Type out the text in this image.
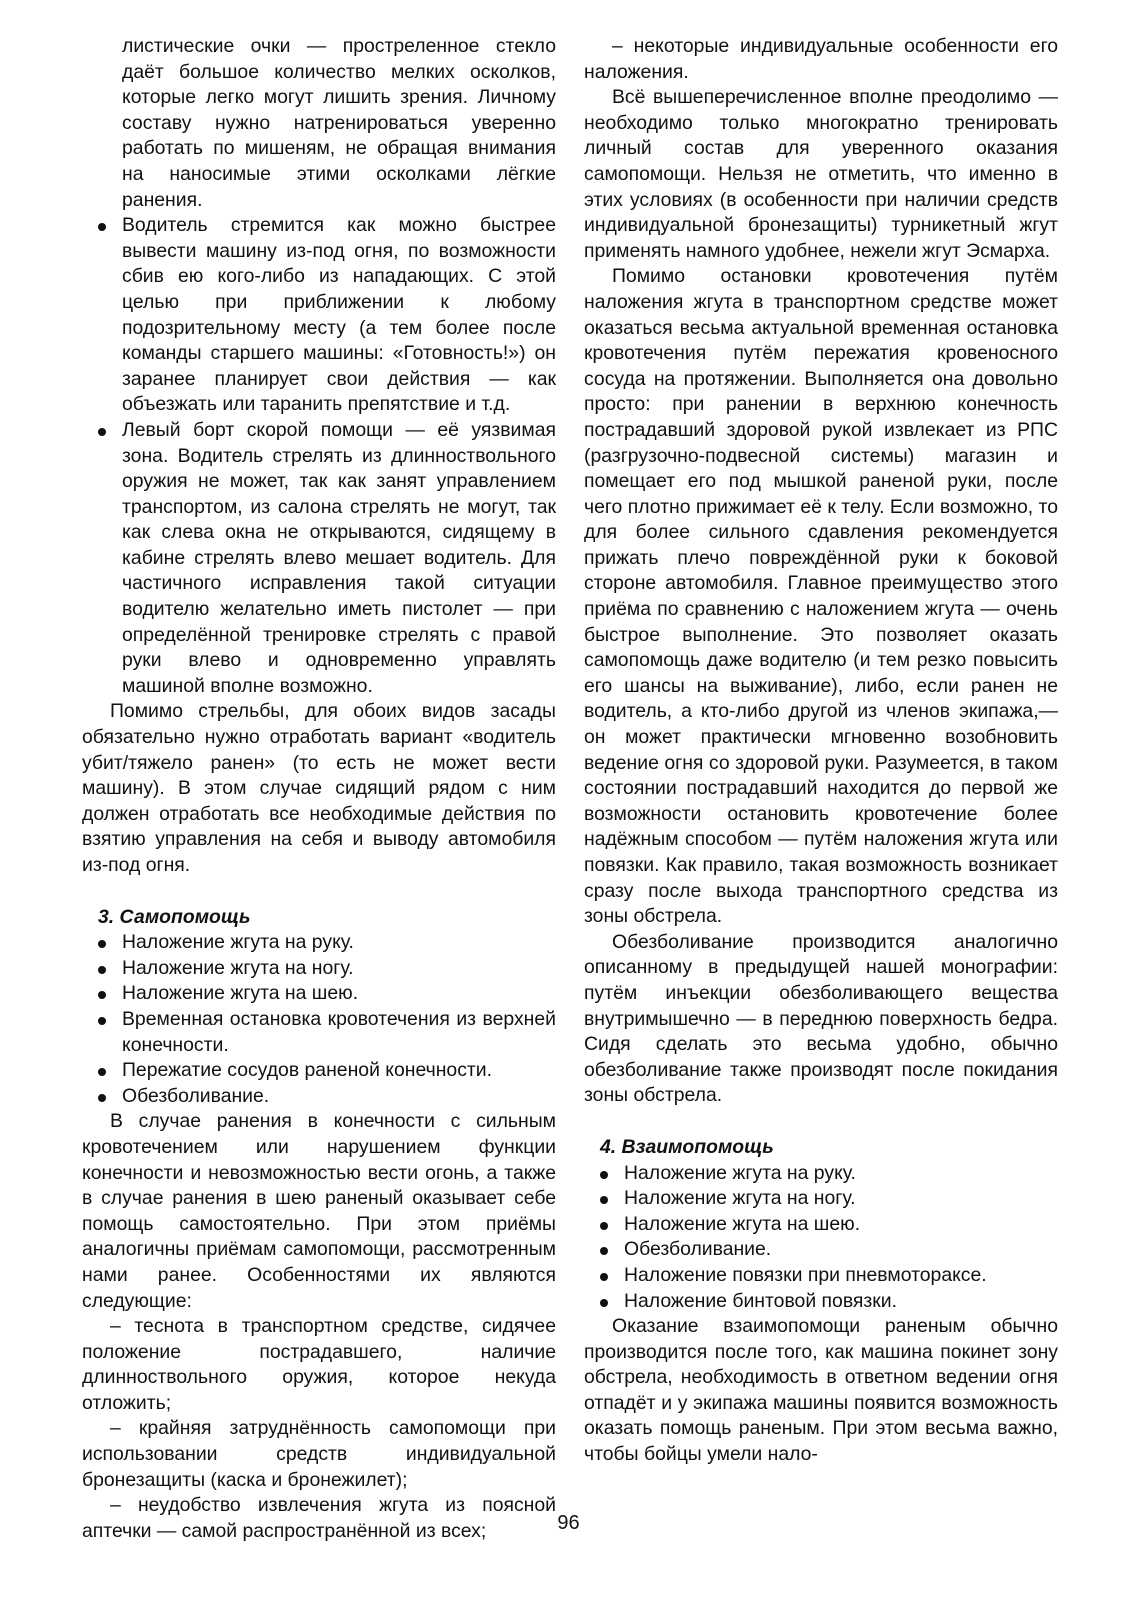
листические очки — простреленное стекло даёт большое количество мелких осколков, которые легко могут лишить зрения. Личному составу нужно натренироваться уверенно работать по мишеням, не обращая внимания на наносимые этими осколками лёгкие ранения.
Водитель стремится как можно быстрее вывести машину из-под огня, по возможности сбив ею кого-либо из нападающих. С этой целью при приближении к любому подозрительному месту (а тем более после команды старшего машины: «Готовность!») он заранее планирует свои действия — как объезжать или таранить препятствие и т.д.
Левый борт скорой помощи — её уязвимая зона. Водитель стрелять из длинноствольного оружия не может, так как занят управлением транспортом, из салона стрелять не могут, так как слева окна не открываются, сидящему в кабине стрелять влево мешает водитель. Для частичного исправления такой ситуации водителю желательно иметь пистолет — при определённой тренировке стрелять с правой руки влево и одновременно управлять машиной вполне возможно.

Помимо стрельбы, для обоих видов засады обязательно нужно отработать вариант «водитель убит/тяжело ранен» (то есть не может вести машину). В этом случае сидящий рядом с ним должен отработать все необходимые действия по взятию управления на себя и выводу автомобиля из-под огня.

3. Самопомощь

Наложение жгута на руку.
Наложение жгута на ногу.
Наложение жгута на шею.
Временная остановка кровотечения из верхней конечности.
Пережатие сосудов раненой конечности.
Обезболивание.

В случае ранения в конечности с сильным кровотечением или нарушением функции конечности и невозможностью вести огонь, а также в случае ранения в шею раненый оказывает себе помощь самостоятельно. При этом приёмы аналогичны приёмам самопомощи, рассмотренным нами ранее. Особенностями их являются следующие:

– теснота в транспортном средстве, сидячее положение пострадавшего, наличие длинноствольного оружия, которое некуда отложить;

– крайняя затруднённость самопомощи при использовании средств индивидуальной бронезащиты (каска и бронежилет);

– неудобство извлечения жгута из поясной аптечки — самой распространённой из всех;

– некоторые индивидуальные особенности его наложения.

Всё вышеперечисленное вполне преодолимо — необходимо только многократно тренировать личный состав для уверенного оказания самопомощи. Нельзя не отметить, что именно в этих условиях (в особенности при наличии средств индивидуальной бронезащиты) турникетный жгут применять намного удобнее, нежели жгут Эсмарха.

Помимо остановки кровотечения путём наложения жгута в транспортном средстве может оказаться весьма актуальной временная остановка кровотечения путём пережатия кровеносного сосуда на протяжении. Выполняется она довольно просто: при ранении в верхнюю конечность пострадавший здоровой рукой извлекает из РПС (разгрузочно-подвесной системы) магазин и помещает его под мышкой раненой руки, после чего плотно прижимает её к телу. Если возможно, то для более сильного сдавления рекомендуется прижать плечо повреждённой руки к боковой стороне автомобиля. Главное преимущество этого приёма по сравнению с наложением жгута — очень быстрое выполнение. Это позволяет оказать самопомощь даже водителю (и тем резко повысить его шансы на выживание), либо, если ранен не водитель, а кто-либо другой из членов экипажа,— он может практически мгновенно возобновить ведение огня со здоровой руки. Разумеется, в таком состоянии пострадавший находится до первой же возможности остановить кровотечение более надёжным способом — путём наложения жгута или повязки. Как правило, такая возможность возникает сразу после выхода транспортного средства из зоны обстрела.

Обезболивание производится аналогично описанному в предыдущей нашей монографии: путём инъекции обезболивающего вещества внутримышечно — в переднюю поверхность бедра. Сидя сделать это весьма удобно, обычно обезболивание также производят после покидания зоны обстрела.

4. Взаимопомощь

Наложение жгута на руку.
Наложение жгута на ногу.
Наложение жгута на шею.
Обезболивание.
Наложение повязки при пневмотораксе.
Наложение бинтовой повязки.

Оказание взаимопомощи раненым обычно производится после того, как машина покинет зону обстрела, необходимость в ответном ведении огня отпадёт и у экипажа машины появится возможность оказать помощь раненым. При этом весьма важно, чтобы бойцы умели нало-

96
